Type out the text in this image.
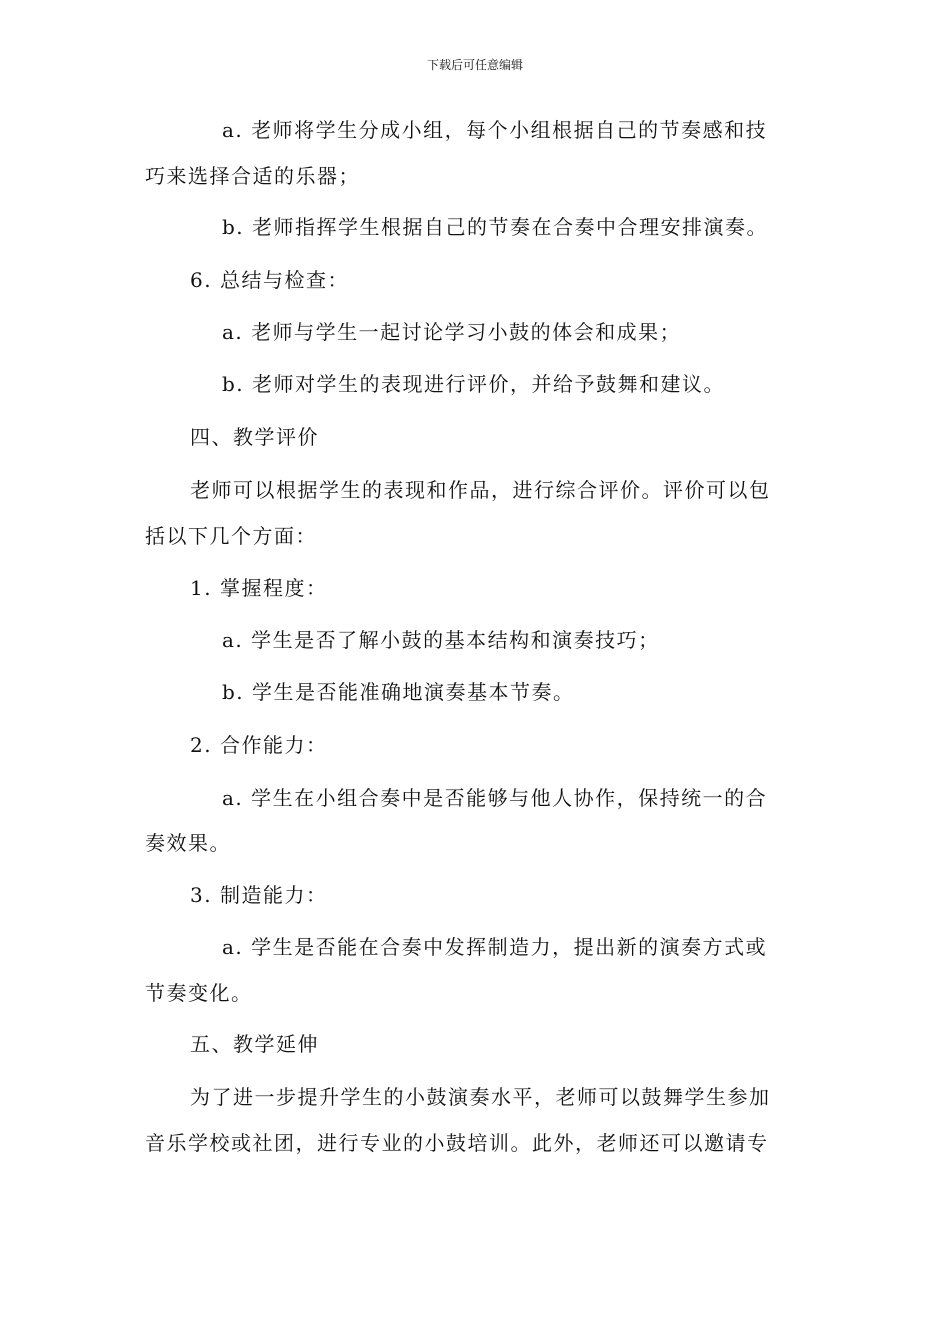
下载后可任意编辑
a. 老师将学生分成小组，每个小组根据自己的节奏感和技
巧来选择合适的乐器；
b. 老师指挥学生根据自己的节奏在合奏中合理安排演奏。
6. 总结与检查：
a. 老师与学生一起讨论学习小鼓的体会和成果；
b. 老师对学生的表现进行评价，并给予鼓舞和建议。
四、教学评价
老师可以根据学生的表现和作品，进行综合评价。评价可以包
括以下几个方面：
1. 掌握程度：
a. 学生是否了解小鼓的基本结构和演奏技巧；
b. 学生是否能准确地演奏基本节奏。
2. 合作能力：
a. 学生在小组合奏中是否能够与他人协作，保持统一的合
奏效果。
3. 制造能力：
a. 学生是否能在合奏中发挥制造力，提出新的演奏方式或
节奏变化。
五、教学延伸
为了进一步提升学生的小鼓演奏水平，老师可以鼓舞学生参加
音乐学校或社团，进行专业的小鼓培训。此外，老师还可以邀请专
